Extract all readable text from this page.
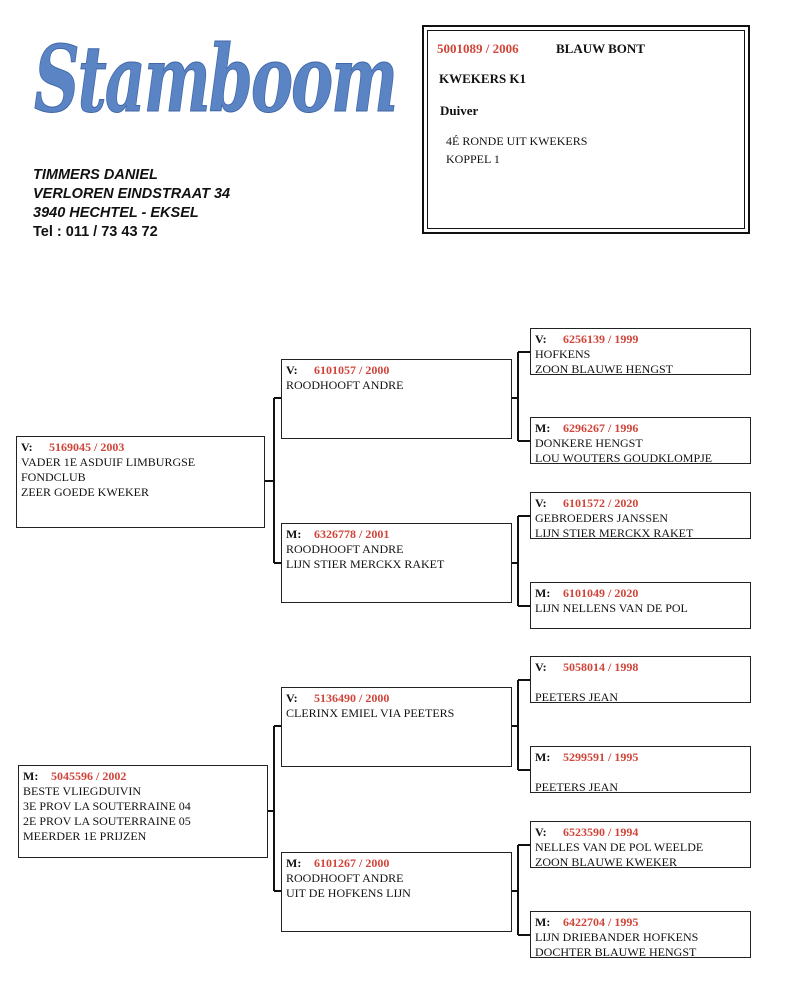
Stamboom
TIMMERS DANIEL
VERLOREN EINDSTRAAT 34
3940 HECHTEL - EKSEL
Tel : 011 / 73 43 72
5001089 / 2006	BLAUW BONT
KWEKERS K1
Duiver
4É RONDE UIT KWEKERS
KOPPEL 1
V: 5169045 / 2003
VADER 1E ASDUIF LIMBURGSE
FONDCLUB
ZEER GOEDE KWEKER
M: 5045596 / 2002
BESTE VLIEGDUIVIN
3E PROV LA SOUTERRAINE 04
2E PROV LA SOUTERRAINE 05
MEERDER 1E PRIJZEN
V: 6101057 / 2000
ROODHOOFT ANDRE
M: 6326778 / 2001
ROODHOOFT ANDRE
LIJN STIER MERCKX RAKET
V: 5136490 / 2000
CLERINX EMIEL VIA PEETERS
M: 6101267 / 2000
ROODHOOFT ANDRE
UIT DE HOFKENS LIJN
V: 6256139 / 1999
HOFKENS
ZOON BLAUWE HENGST
M: 6296267 / 1996
DONKERE HENGST
LOU WOUTERS GOUDKLOMPJE
V: 6101572 / 2020
GEBROEDERS JANSSEN
LIJN STIER MERCKX RAKET
M: 6101049 / 2020
LIJN NELLENS VAN DE POL
V: 5058014 / 1998

PEETERS JEAN
M: 5299591 / 1995

PEETERS JEAN
V: 6523590 / 1994
NELLES VAN DE POL WEELDE
ZOON BLAUWE KWEKER
M: 6422704 / 1995
LIJN DRIEBANDER HOFKENS
DOCHTER BLAUWE HENGST
